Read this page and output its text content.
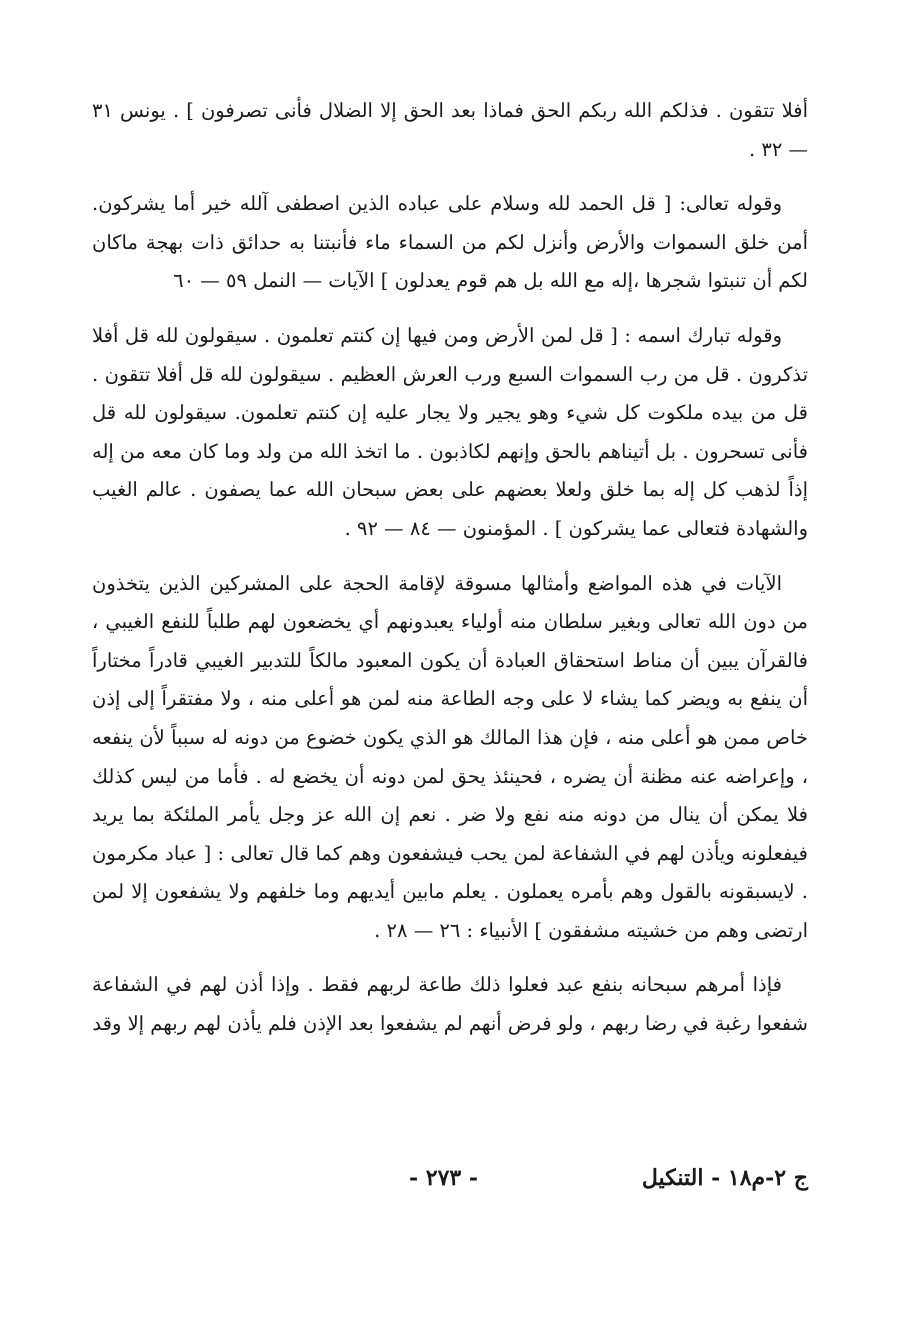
أفلا تتقون . فذلكم الله ربكم الحق فماذا بعد الحق إلا الضلال فأنى تصرفون ] . يونس ٣١ — ٣٢ .

وقوله تعالى: [ قل الحمد لله وسلام على عباده الذين اصطفى آلله خير أما يشركون. أمن خلق السموات والأرض وأنزل لكم من السماء ماء فأنبتنا به حدائق ذات بهجة ماكان لكم أن تنبتوا شجرها ،إله مع الله بل هم قوم يعدلون ] الآيات — النمل ٥٩ — ٦٠

وقوله تبارك اسمه : [ قل لمن الأرض ومن فيها إن كنتم تعلمون . سيقولون لله قل أفلا تذكرون . قل من رب السموات السبع ورب العرش العظيم . سيقولون لله قل أفلا تتقون . قل من بيده ملكوت كل شيء وهو يجير ولا يجار عليه إن كنتم تعلمون. سيقولون لله قل فأنى تسحرون . بل أتيناهم بالحق وإنهم لكاذبون . ما اتخذ الله من ولد وما كان معه من إله إذاً لذهب كل إله بما خلق ولعلا بعضهم على بعض سبحان الله عما يصفون . عالم الغيب والشهادة فتعالى عما يشركون ] . المؤمنون — ٨٤ — ٩٢ .

الآيات في هذه المواضع وأمثالها مسوقة لإقامة الحجة على المشركين الذين يتخذون من دون الله تعالى وبغير سلطان منه أولياء يعبدونهم أي يخضعون لهم طلباً للنفع الغيبي ، فالقرآن يبين أن مناط استحقاق العبادة أن يكون المعبود مالكاً للتدبير الغيبي قادراً مختاراً أن ينفع به ويضر كما يشاء لا على وجه الطاعة منه لمن هو أعلى منه ، ولا مفتقراً إلى إذن خاص ممن هو أعلى منه ، فإن هذا المالك هو الذي يكون خضوع من دونه له سبباً لأن ينفعه ، وإعراضه عنه مظنة أن يضره ، فحينئذ يحق لمن دونه أن يخضع له . فأما من ليس كذلك فلا يمكن أن ينال من دونه منه نفع ولا ضر . نعم إن الله عز وجل يأمر الملئكة بما يريد فيفعلونه ويأذن لهم في الشفاعة لمن يحب فيشفعون وهم كما قال تعالى : [ عباد مكرمون . لايسبقونه بالقول وهم بأمره يعملون . يعلم مابين أيديهم وما خلفهم ولا يشفعون إلا لمن ارتضى وهم من خشيته مشفقون ] الأنبياء : ٢٦ — ٢٨ .

فإذا أمرهم سبحانه بنفع عبد فعلوا ذلك طاعة لربهم فقط . وإذا أذن لهم في الشفاعة شفعوا رغبة في رضا ربهم ، ولو فرض أنهم لم يشفعوا بعد الإذن فلم يأذن لهم ربهم إلا وقد

ج ٢-م١٨ - التنكيل
- ٢٧٣ -
